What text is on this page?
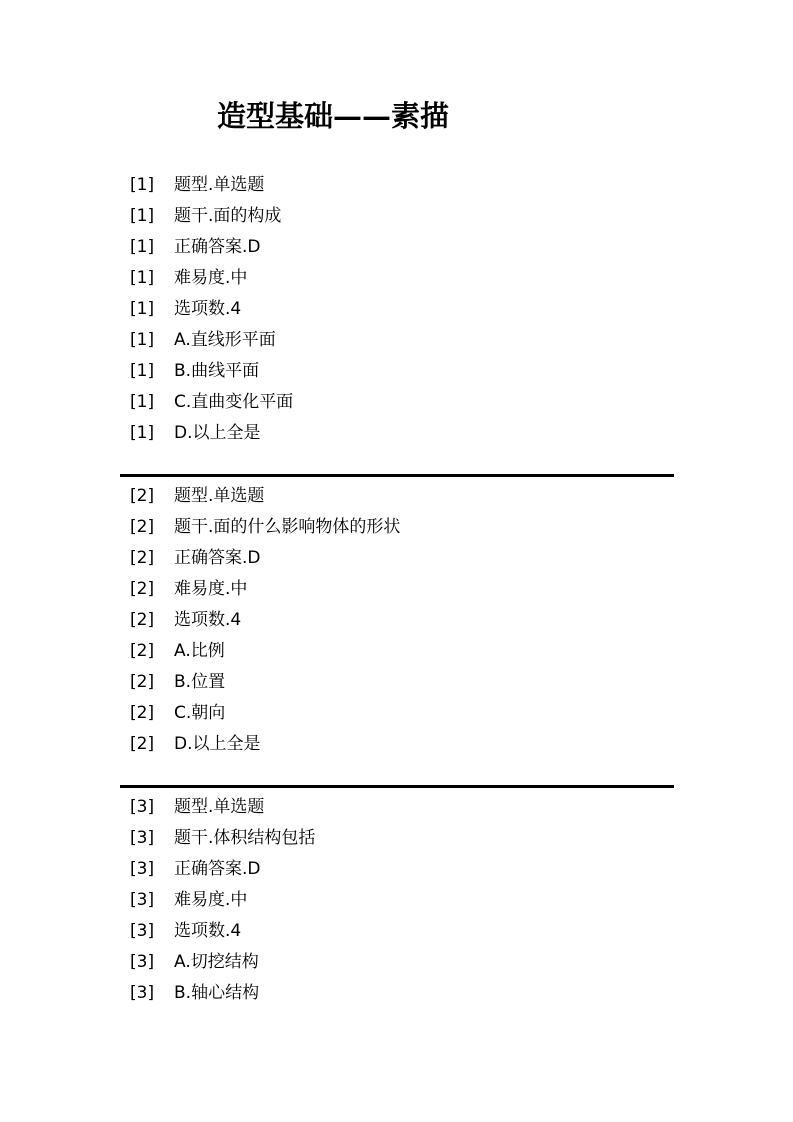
造型基础——素描
[1]	题型.单选题
[1]	题干.面的构成
[1]	正确答案.D
[1]	难易度.中
[1]	选项数.4
[1]	A.直线形平面
[1]	B.曲线平面
[1]	C.直曲变化平面
[1]	D.以上全是
[2]	题型.单选题
[2]	题干.面的什么影响物体的形状
[2]	正确答案.D
[2]	难易度.中
[2]	选项数.4
[2]	A.比例
[2]	B.位置
[2]	C.朝向
[2]	D.以上全是
[3]	题型.单选题
[3]	题干.体积结构包括
[3]	正确答案.D
[3]	难易度.中
[3]	选项数.4
[3]	A.切挖结构
[3]	B.轴心结构
